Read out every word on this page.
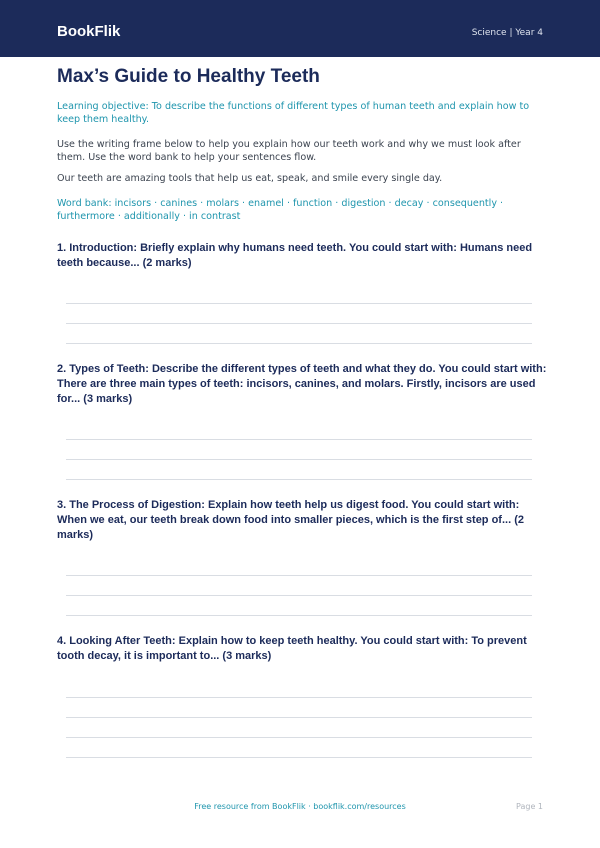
BookFlik	Science | Year 4
Max’s Guide to Healthy Teeth

Learning objective: To describe the functions of different types of human teeth and explain how to keep them healthy.

Use the writing frame below to help you explain how our teeth work and why we must look after them. Use the word bank to help your sentences flow.

Our teeth are amazing tools that help us eat, speak, and smile every single day.

Word bank: incisors · canines · molars · enamel · function · digestion · decay · consequently · furthermore · additionally · in contrast

1. Introduction: Briefly explain why humans need teeth. You could start with: Humans need teeth because... (2 marks)
2. Types of Teeth: Describe the different types of teeth and what they do. You could start with: There are three main types of teeth: incisors, canines, and molars. Firstly, incisors are used for... (3 marks)
3. The Process of Digestion: Explain how teeth help us digest food. You could start with: When we eat, our teeth break down food into smaller pieces, which is the first step of... (2 marks)
4. Looking After Teeth: Explain how to keep teeth healthy. You could start with: To prevent tooth decay, it is important to... (3 marks)
Free resource from BookFlik · bookflik.com/resources	Page 1
